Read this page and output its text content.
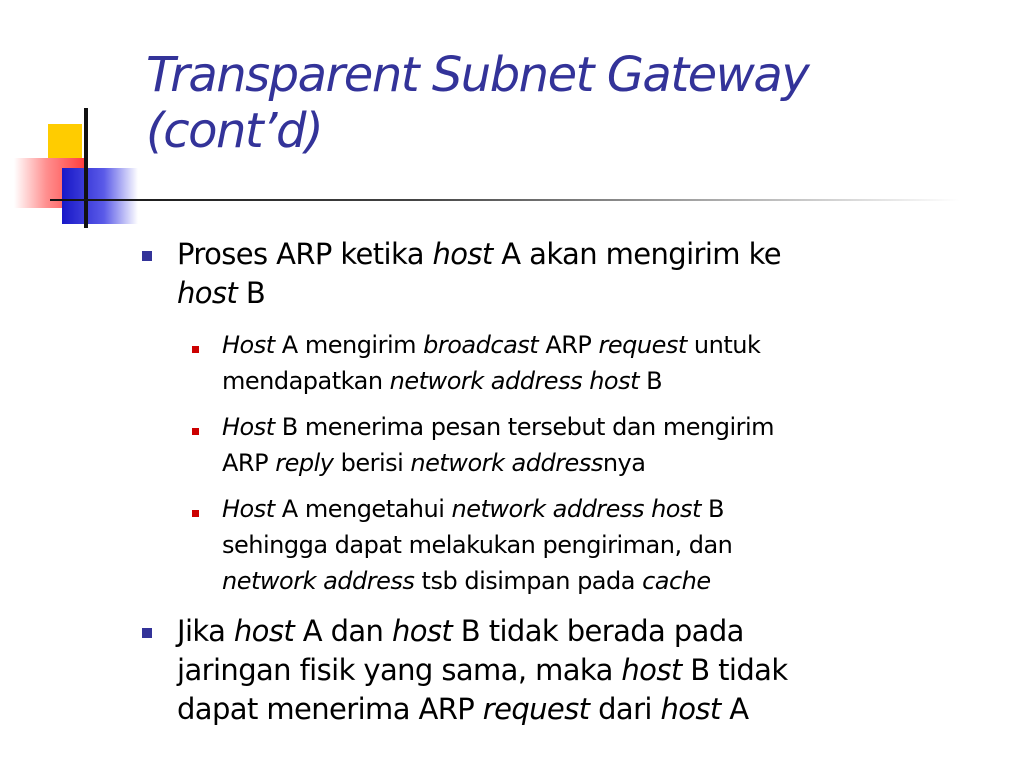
Transparent Subnet Gateway
(cont’d)

Proses ARP ketika host A akan mengirim ke
host B

Host A mengirim broadcast ARP request untuk
mendapatkan network address host B

Host B menerima pesan tersebut dan mengirim
ARP reply berisi network addressnya

Host A mengetahui network address host B
sehingga dapat melakukan pengiriman, dan
network address tsb disimpan pada cache

Jika host A dan host B tidak berada pada
jaringan fisik yang sama, maka host B tidak
dapat menerima ARP request dari host A
